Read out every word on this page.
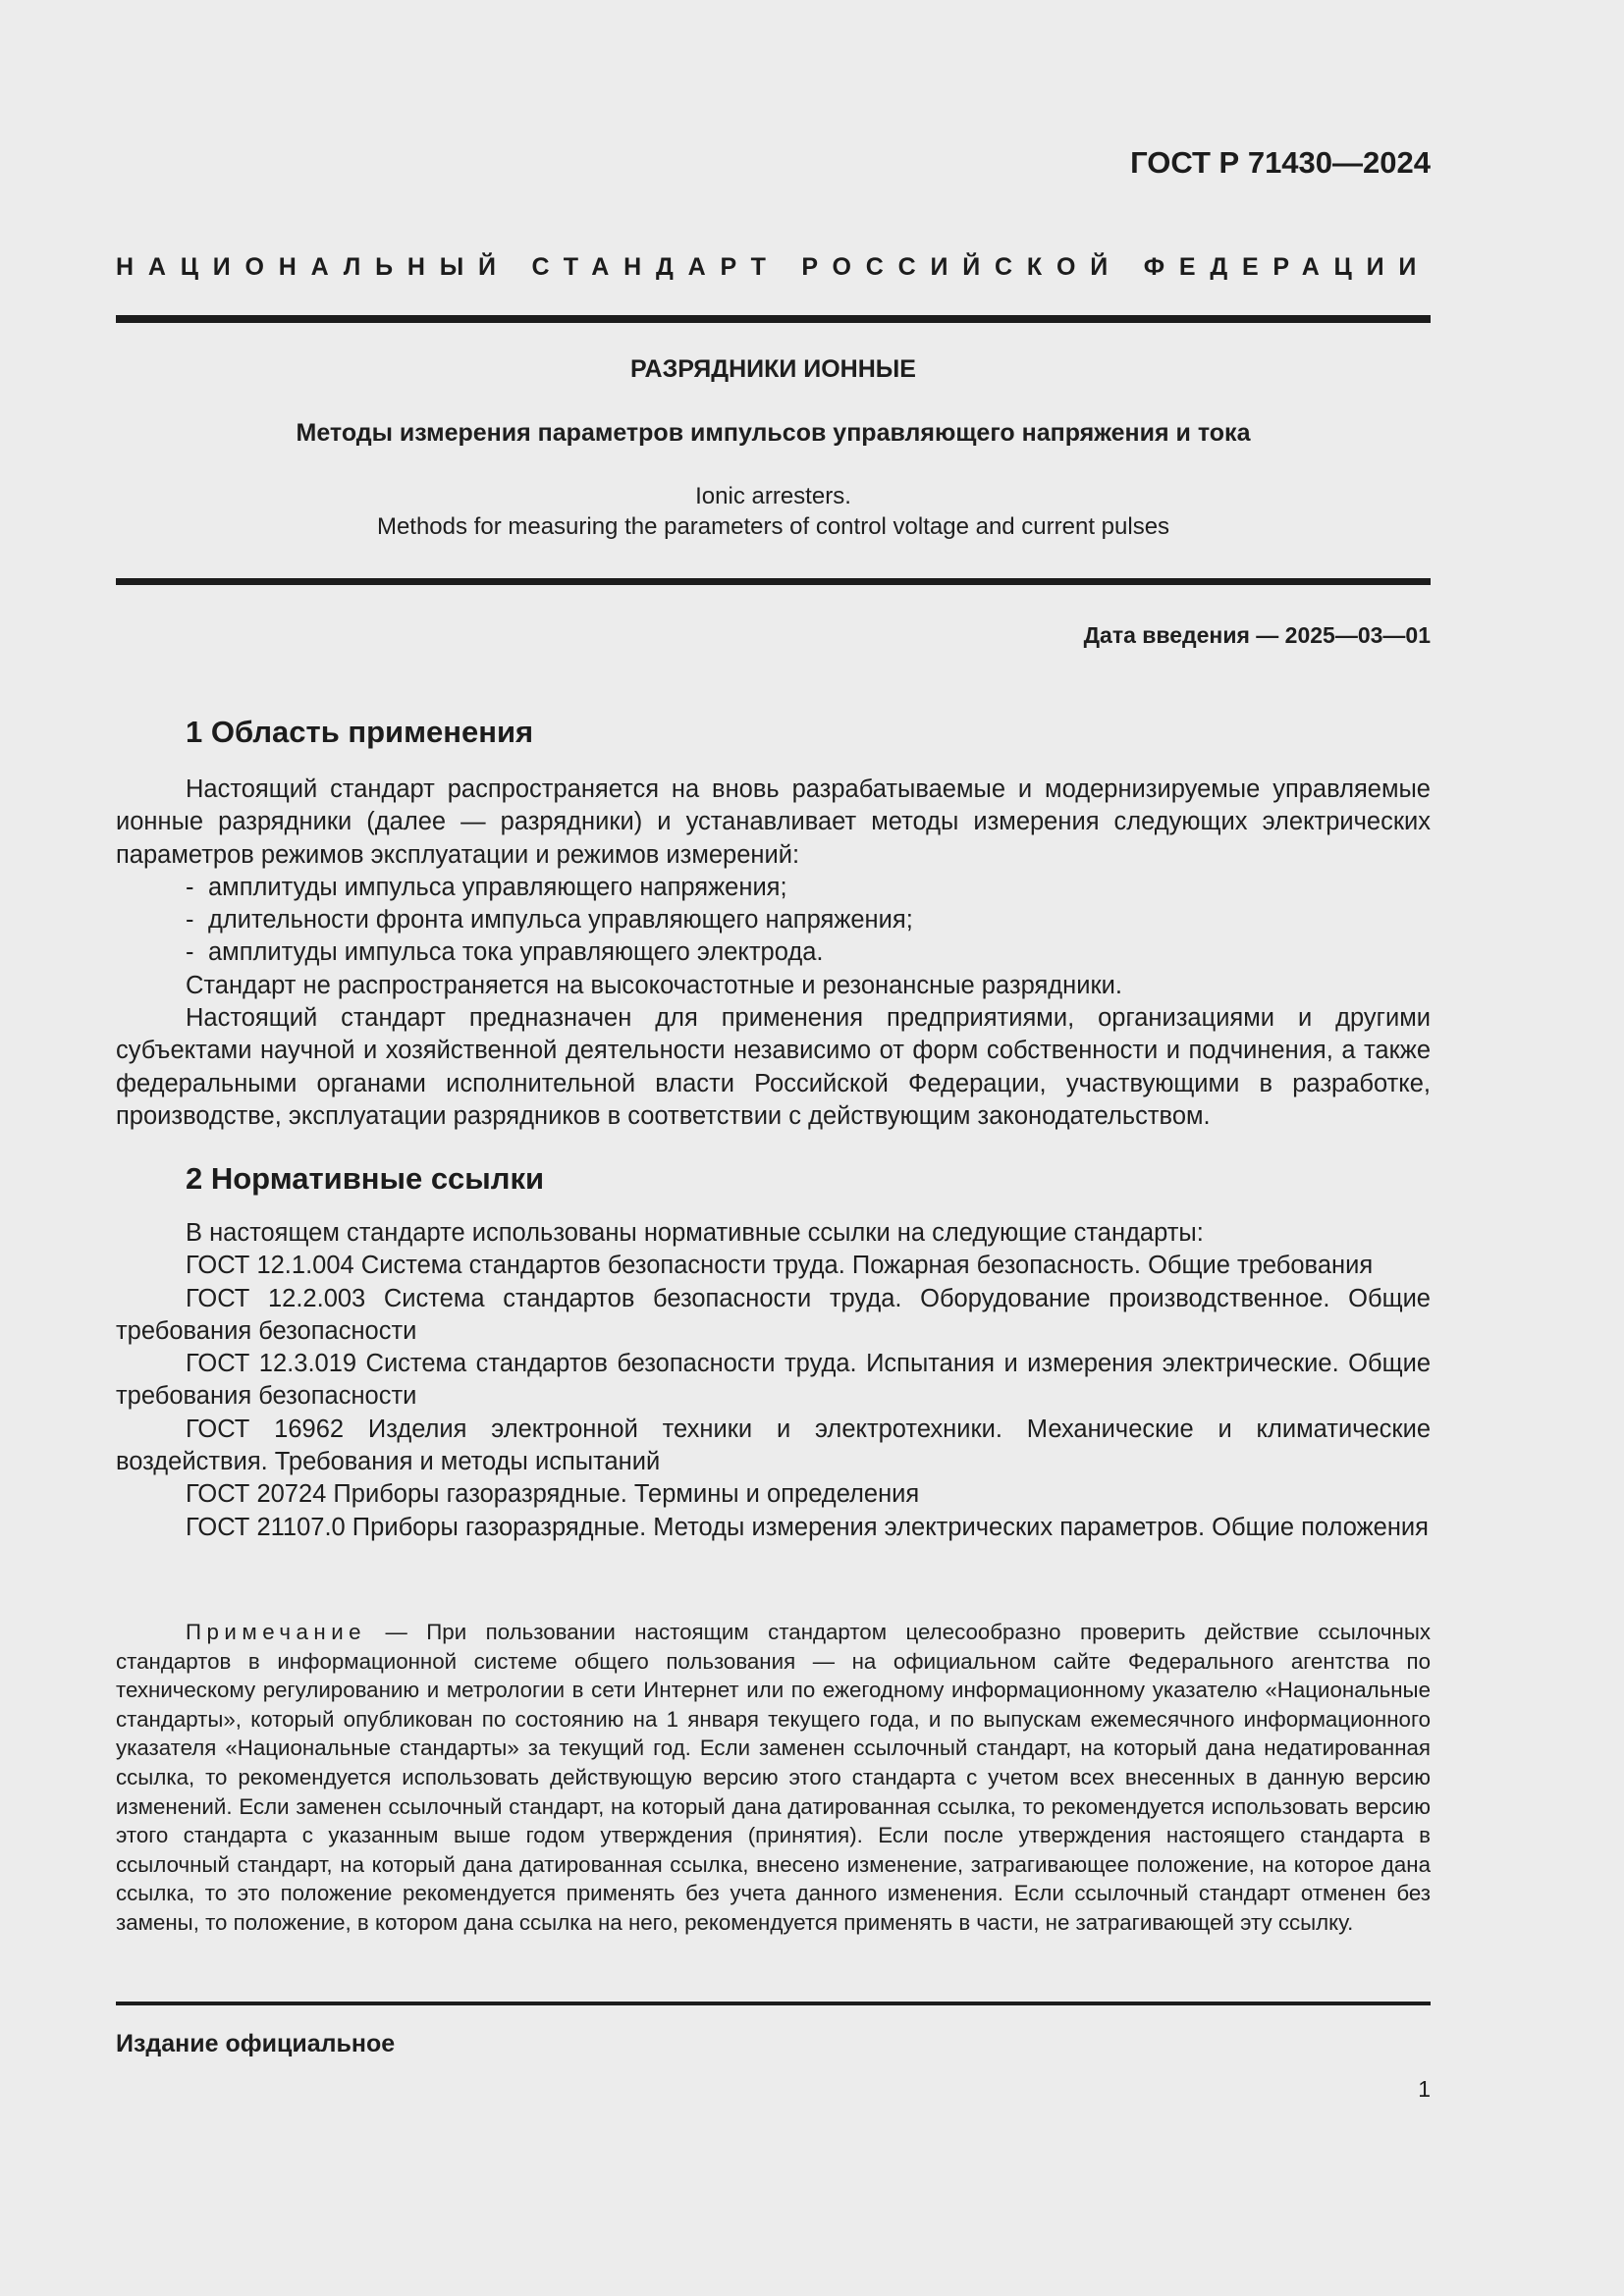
ГОСТ Р 71430—2024
НАЦИОНАЛЬНЫЙ СТАНДАРТ РОССИЙСКОЙ ФЕДЕРАЦИИ
РАЗРЯДНИКИ ИОННЫЕ
Методы измерения параметров импульсов управляющего напряжения и тока
Ionic arresters.
Methods for measuring the parameters of control voltage and current pulses
Дата введения — 2025—03—01
1 Область применения

Настоящий стандарт распространяется на вновь разрабатываемые и модернизируемые управляемые ионные разрядники (далее — разрядники) и устанавливает методы измерения следующих электрических параметров режимов эксплуатации и режимов измерений:

- амплитуды импульса управляющего напряжения;

- длительности фронта импульса управляющего напряжения;

- амплитуды импульса тока управляющего электрода.

Стандарт не распространяется на высокочастотные и резонансные разрядники.

Настоящий стандарт предназначен для применения предприятиями, организациями и другими субъектами научной и хозяйственной деятельности независимо от форм собственности и подчинения, а также федеральными органами исполнительной власти Российской Федерации, участвующими в разработке, производстве, эксплуатации разрядников в соответствии с действующим законодательством.

2 Нормативные ссылки

В настоящем стандарте использованы нормативные ссылки на следующие стандарты:

ГОСТ 12.1.004 Система стандартов безопасности труда. Пожарная безопасность. Общие требования

ГОСТ 12.2.003 Система стандартов безопасности труда. Оборудование производственное. Общие требования безопасности

ГОСТ 12.3.019 Система стандартов безопасности труда. Испытания и измерения электрические. Общие требования безопасности

ГОСТ 16962 Изделия электронной техники и электротехники. Механические и климатические воздействия. Требования и методы испытаний

ГОСТ 20724 Приборы газоразрядные. Термины и определения

ГОСТ 21107.0 Приборы газоразрядные. Методы измерения электрических параметров. Общие положения

Примечание — При пользовании настоящим стандартом целесообразно проверить действие ссылочных стандартов в информационной системе общего пользования — на официальном сайте Федерального агентства по техническому регулированию и метрологии в сети Интернет или по ежегодному информационному указателю «Национальные стандарты», который опубликован по состоянию на 1 января текущего года, и по выпускам ежемесячного информационного указателя «Национальные стандарты» за текущий год. Если заменен ссылочный стандарт, на который дана недатированная ссылка, то рекомендуется использовать действующую версию этого стандарта с учетом всех внесенных в данную версию изменений. Если заменен ссылочный стандарт, на который дана датированная ссылка, то рекомендуется использовать версию этого стандарта с указанным выше годом утверждения (принятия). Если после утверждения настоящего стандарта в ссылочный стандарт, на который дана датированная ссылка, внесено изменение, затрагивающее положение, на которое дана ссылка, то это положение рекомендуется применять без учета данного изменения. Если ссылочный стандарт отменен без замены, то положение, в котором дана ссылка на него, рекомендуется применять в части, не затрагивающей эту ссылку.
Издание официальное
1
